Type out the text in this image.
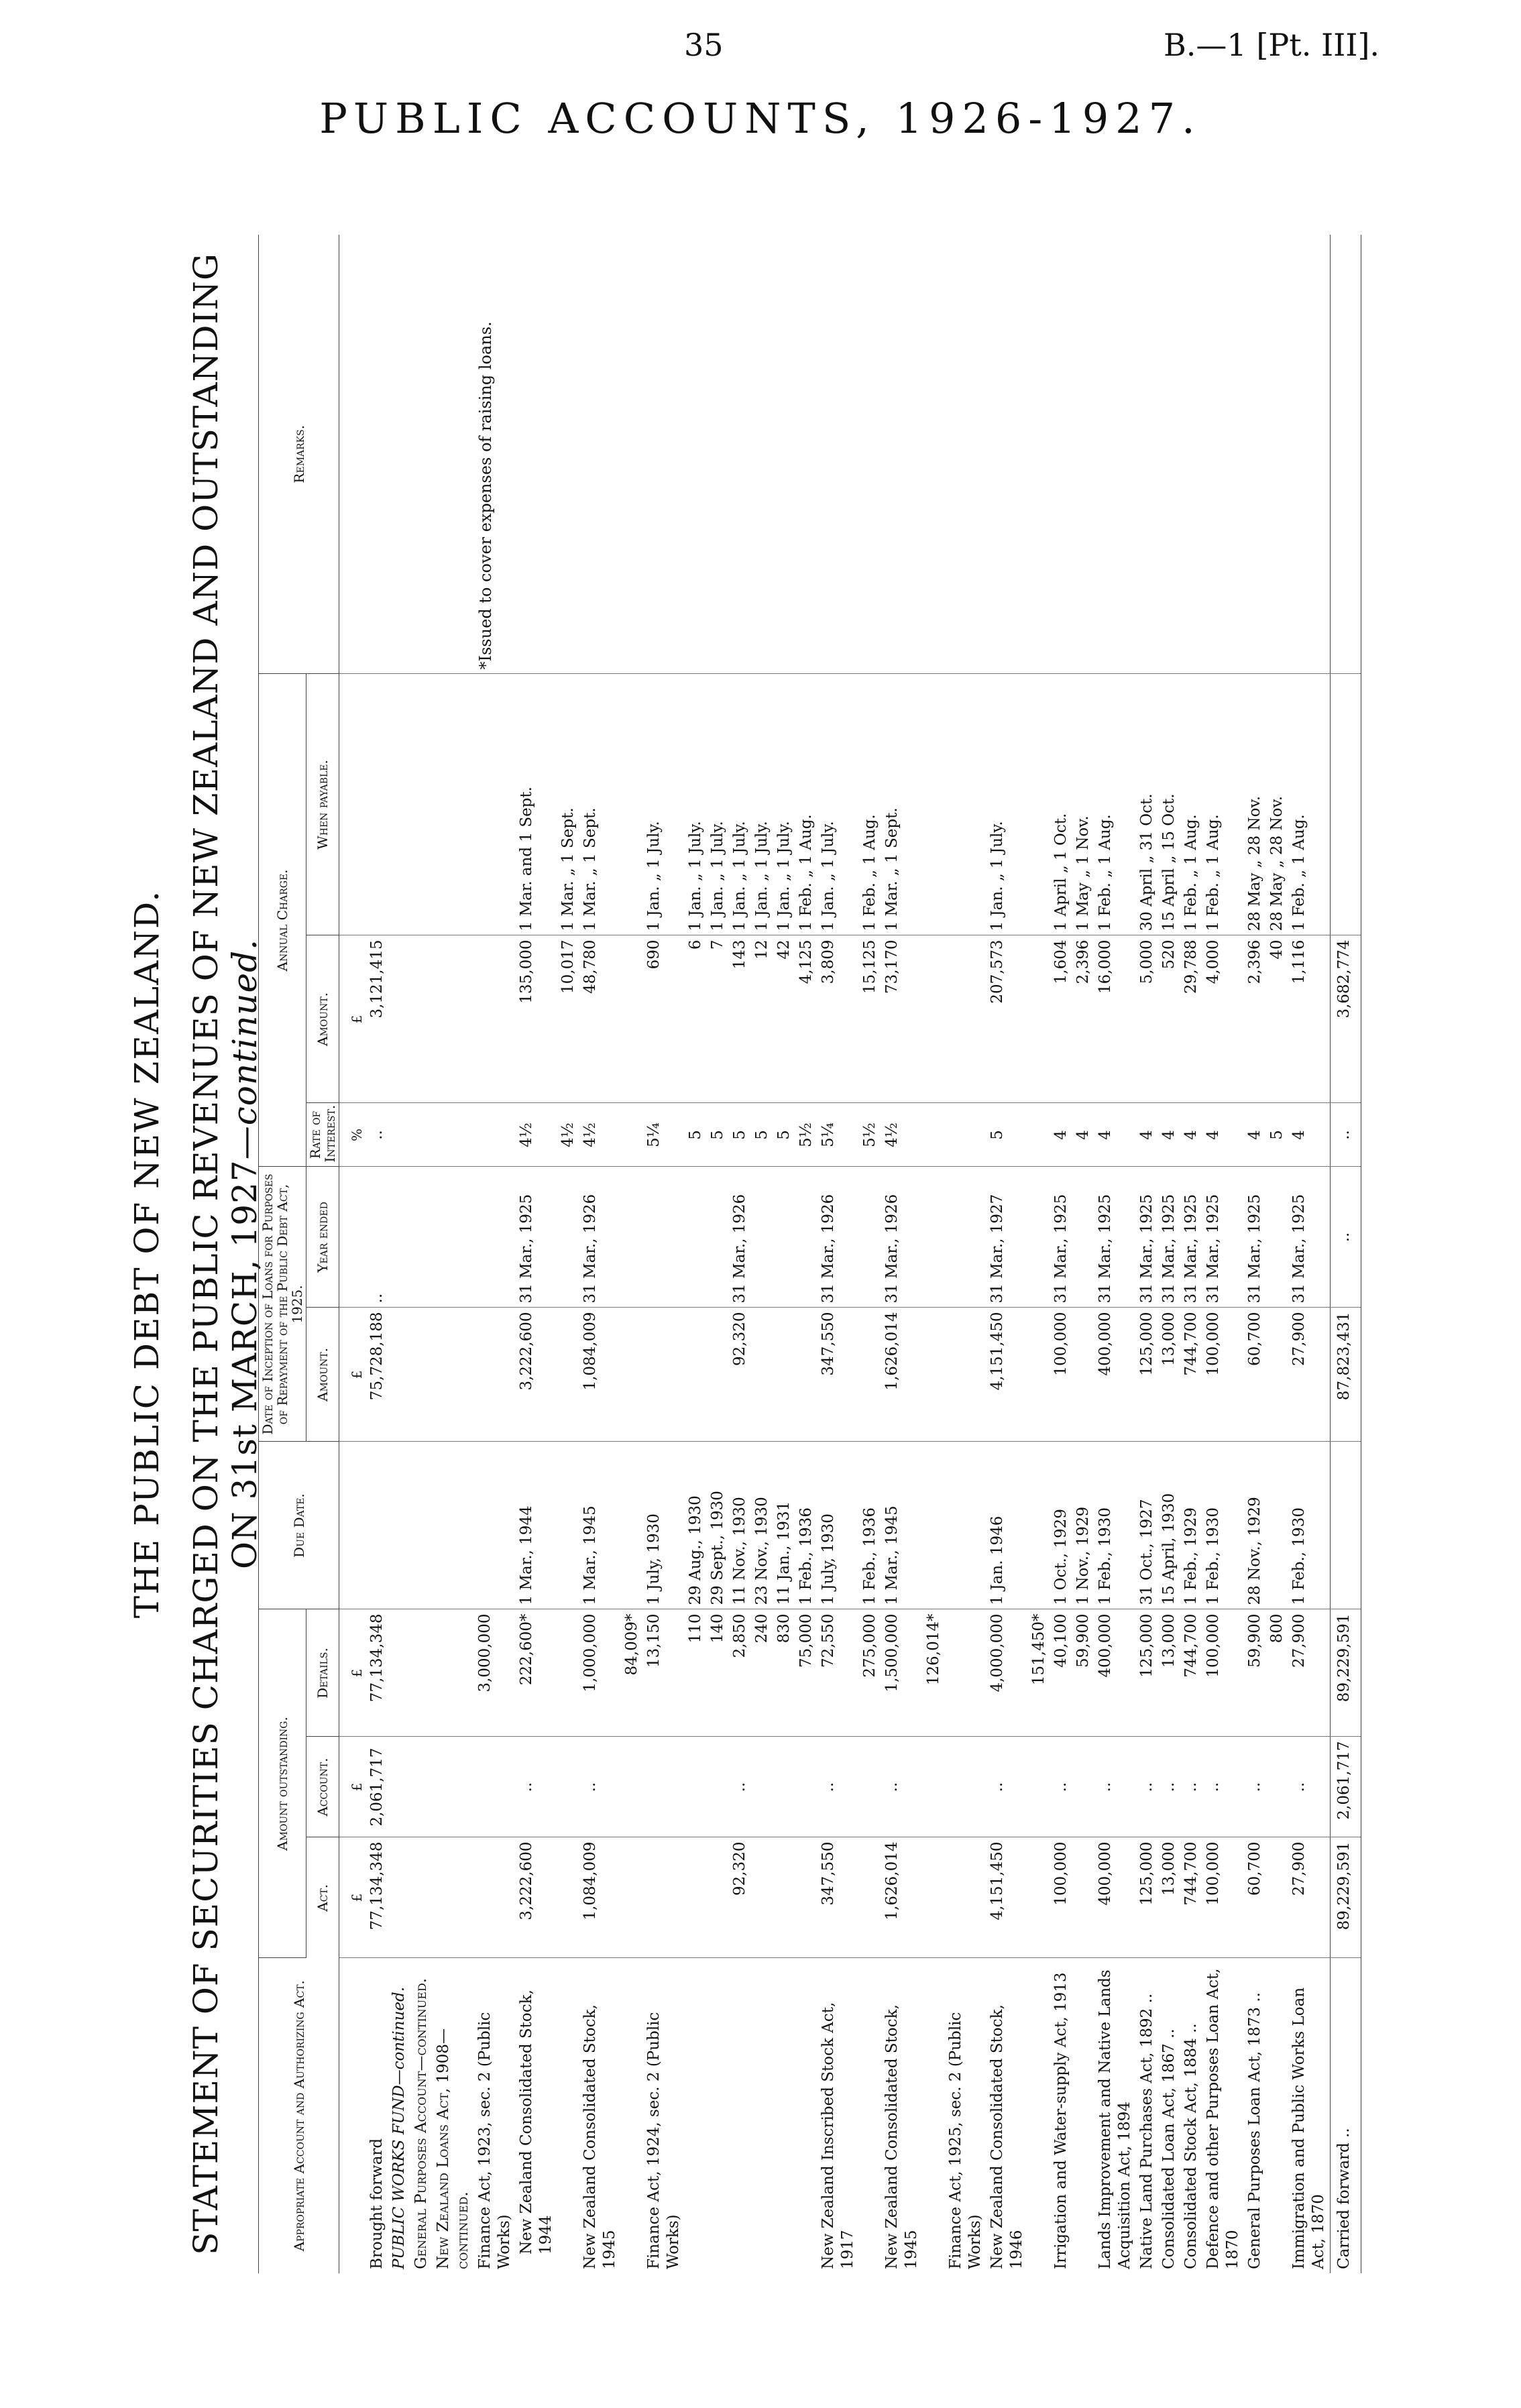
35	B.—1 [Pt. III].
PUBLIC ACCOUNTS, 1926-1927.

THE PUBLIC DEBT OF NEW ZEALAND. STATEMENT OF SECURITIES CHARGED ON THE PUBLIC REVENUES OF NEW ZEALAND AND OUTSTANDING ON 31st MARCH, 1927—continued.

Appropriate Account and Authorizing Act.	Amount outstanding.			Due Date.	Date of Inception of Loans for Purposes of Repayment of the Public Debt Act, 1925.		Annual Charge.			Remarks.
	Act.	Account.	Details.		Amount.	Year ended	Rate of Interest.	Amount.	When payable.	
	£	£	£		£		%	£		
Brought forward	77,134,348	2,061,717	77,134,348		75,728,188	..	..	3,121,415		
PUBLIC WORKS FUND—continued.										
General Purposes Account—continued.										
New Zealand Loans Act, 1908—continued.										
Finance Act, 1923, sec. 2 (Public Works)			3,000,000							*Issued to cover expenses of raising loans.
New Zealand Consolidated Stock, 1944	3,222,600	..	222,600*	1 Mar., 1944	3,222,600	31 Mar., 1925	4½	135,000	1 Mar. and 1 Sept.	
							4½	10,017	1 Mar. „ 1 Sept.	
New Zealand Consolidated Stock, 1945	1,084,009	..	1,000,000	1 Mar., 1945	1,084,009	31 Mar., 1926	4½	48,780	1 Mar. „ 1 Sept.	
			84,009*							
Finance Act, 1924, sec. 2 (Public Works)			13,150	1 July, 1930			5¼	690	1 Jan. „ 1 July.	
			110	29 Aug., 1930			5	6	1 Jan. „ 1 July.	
			140	29 Sept., 1930			5	7	1 Jan. „ 1 July.	
	92,320	..	2,850	11 Nov., 1930	92,320	31 Mar., 1926	5	143	1 Jan. „ 1 July.	
			240	23 Nov., 1930			5	12	1 Jan. „ 1 July.	
			830	11 Jan., 1931			5	42	1 Jan. „ 1 July.	
			75,000	1 Feb., 1936			5½	4,125	1 Feb. „ 1 Aug.	
New Zealand Inscribed Stock Act, 1917	347,550	..	72,550	1 July, 1930	347,550	31 Mar., 1926	5¼	3,809	1 Jan. „ 1 July.	
			275,000	1 Feb., 1936			5½	15,125	1 Feb. „ 1 Aug.	
New Zealand Consolidated Stock, 1945	1,626,014	..	1,500,000	1 Mar., 1945	1,626,014	31 Mar., 1926	4½	73,170	1 Mar. „ 1 Sept.	
			126,014*							
Finance Act, 1925, sec. 2 (Public Works)										
New Zealand Consolidated Stock, 1946	4,151,450	..	4,000,000	1 Jan. 1946	4,151,450	31 Mar., 1927	5	207,573	1 Jan. „ 1 July.	
			151,450*							
Irrigation and Water-supply Act, 1913	100,000	..	40,100	1 Oct., 1929	100,000	31 Mar., 1925	4	1,604	1 April „ 1 Oct.	
			59,900	1 Nov., 1929			4	2,396	1 May „ 1 Nov.	
Lands Improvement and Native Lands Acquisition Act, 1894	400,000	..	400,000	1 Feb., 1930	400,000	31 Mar., 1925	4	16,000	1 Feb. „ 1 Aug.	
Native Land Purchases Act, 1892 ..	125,000	..	125,000	31 Oct., 1927	125,000	31 Mar., 1925	4	5,000	30 April „ 31 Oct.	
Consolidated Loan Act, 1867 ..	13,000	..	13,000	15 April, 1930	13,000	31 Mar., 1925	4	520	15 April „ 15 Oct.	
Consolidated Stock Act, 1884 ..	744,700	..	744,700	1 Feb., 1929	744,700	31 Mar., 1925	4	29,788	1 Feb. „ 1 Aug.	
Defence and other Purposes Loan Act, 1870	100,000	..	100,000	1 Feb., 1930	100,000	31 Mar., 1925	4	4,000	1 Feb. „ 1 Aug.	
General Purposes Loan Act, 1873 ..	60,700	..	59,900	28 Nov., 1929	60,700	31 Mar., 1925	4	2,396	28 May „ 28 Nov.	
			800				5	40	28 May „ 28 Nov.	
Immigration and Public Works Loan Act, 1870	27,900	..	27,900	1 Feb., 1930	27,900	31 Mar., 1925	4	1,116	1 Feb. „ 1 Aug.	
Carried forward ..	89,229,591	2,061,717	89,229,591		87,823,431	..	..	3,682,774		
